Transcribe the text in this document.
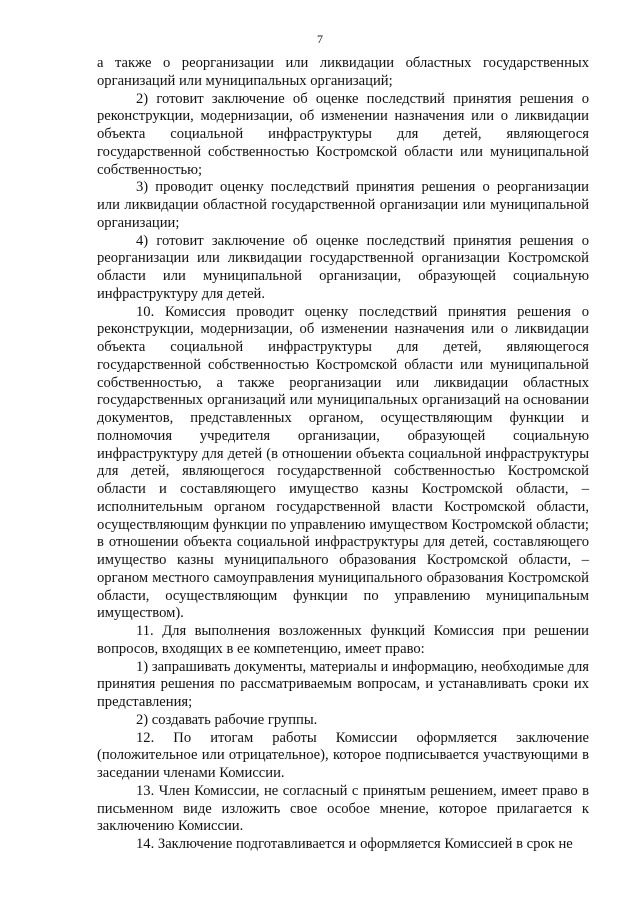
7

а также о реорганизации или ликвидации областных государственных организаций или муниципальных организаций;

2) готовит заключение об оценке последствий принятия решения о реконструкции, модернизации, об изменении назначения или о ликвидации объекта социальной инфраструктуры для детей, являющегося государственной собственностью Костромской области или муниципальной собственностью;

3) проводит оценку последствий принятия решения о реорганизации или ликвидации областной государственной организации или муниципальной организации;

4) готовит заключение об оценке последствий принятия решения о реорганизации или ликвидации государственной организации Костромской области или муниципальной организации, образующей социальную инфраструктуру для детей.

10. Комиссия проводит оценку последствий принятия решения о реконструкции, модернизации, об изменении назначения или о ликвидации объекта социальной инфраструктуры для детей, являющегося государственной собственностью Костромской области или муниципальной собственностью, а также реорганизации или ликвидации областных государственных организаций или муниципальных организаций на основании документов, представленных органом, осуществляющим функции и полномочия учредителя организации, образующей социальную инфраструктуру для детей (в отношении объекта социальной инфраструктуры для детей, являющегося государственной собственностью Костромской области и составляющего имущество казны Костромской области, – исполнительным органом государственной власти Костромской области, осуществляющим функции по управлению имуществом Костромской области; в отношении объекта социальной инфраструктуры для детей, составляющего имущество казны муниципального образования Костромской области, – органом местного самоуправления муниципального образования Костромской области, осуществляющим функции по управлению муниципальным имуществом).

11. Для выполнения возложенных функций Комиссия при решении вопросов, входящих в ее компетенцию, имеет право:

1) запрашивать документы, материалы и информацию, необходимые для принятия решения по рассматриваемым вопросам, и устанавливать сроки их представления;

2) создавать рабочие группы.

12. По итогам работы Комиссии оформляется заключение (положительное или отрицательное), которое подписывается участвующими в заседании членами Комиссии.

13. Член Комиссии, не согласный с принятым решением, имеет право в письменном виде изложить свое особое мнение, которое прилагается к заключению Комиссии.

14. Заключение подготавливается и оформляется Комиссией в срок не
